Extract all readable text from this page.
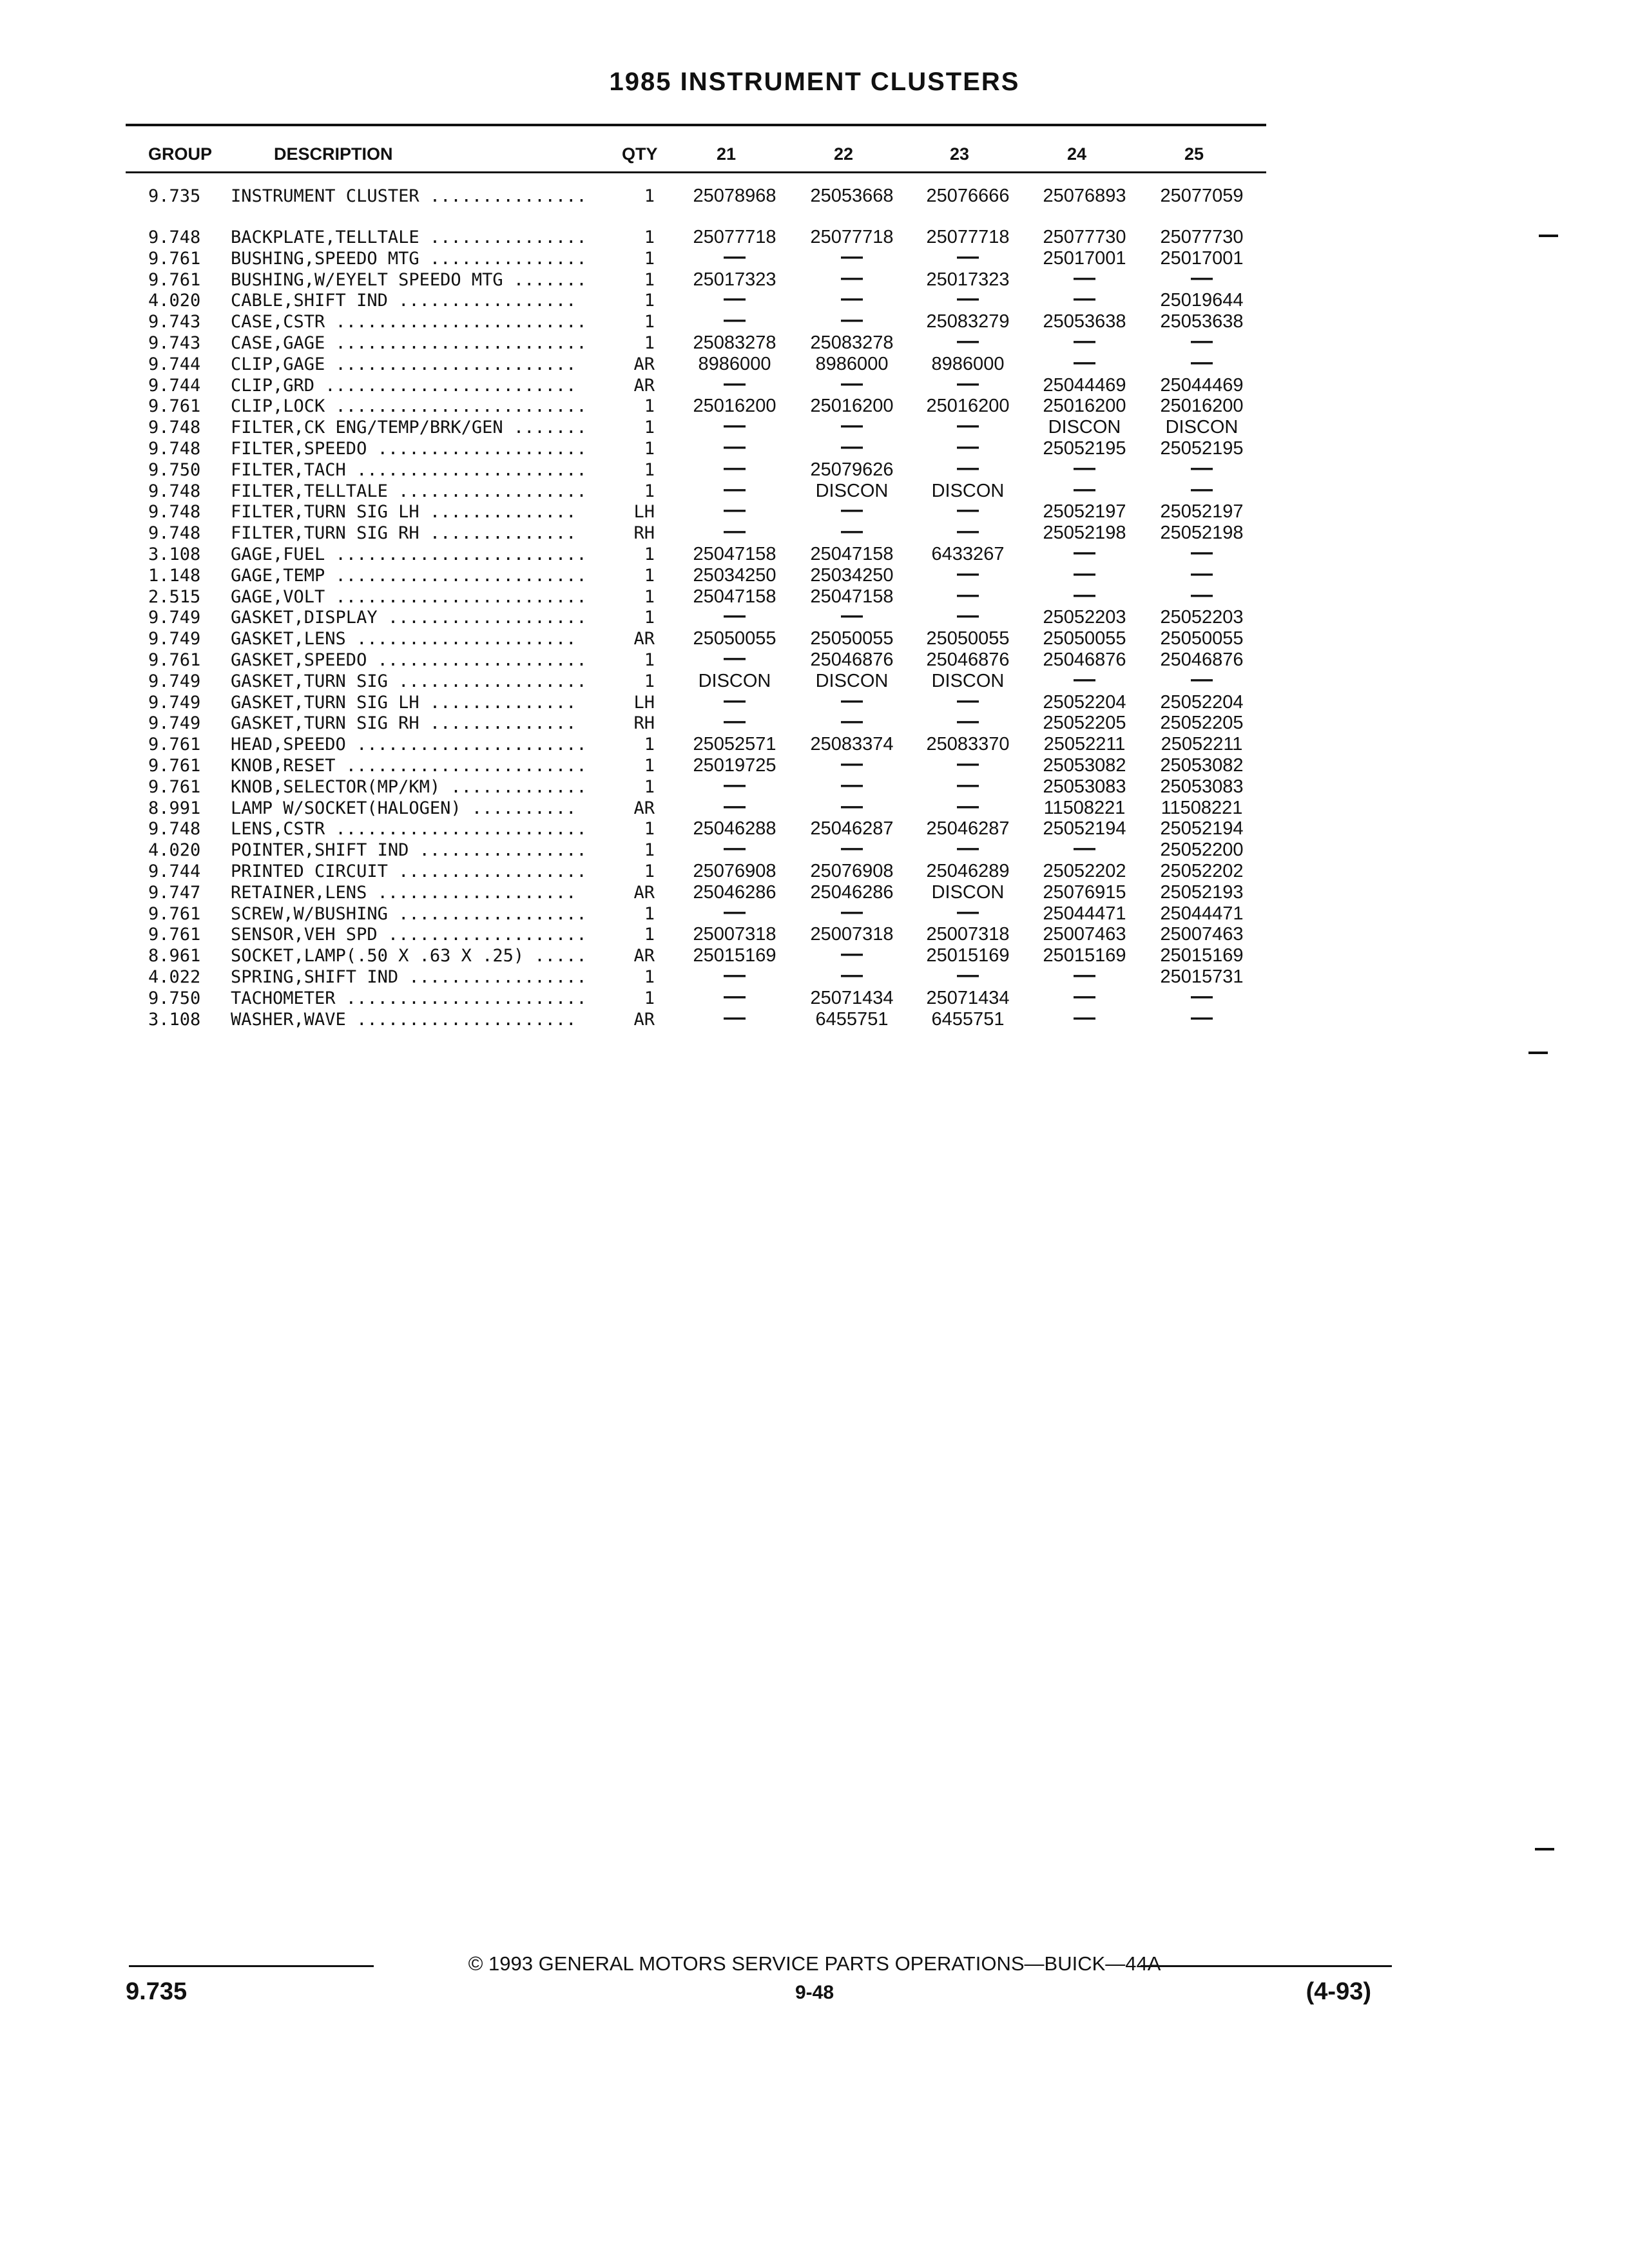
1985 INSTRUMENT CLUSTERS
GROUP	DESCRIPTION	QTY	21	22	23	24	25
9.735 INSTRUMENT CLUSTER ...............	1	25078968	25053668	25076666	25076893	25077059
9.748 BACKPLATE,TELLTALE ...............	1	25077718	25077718	25077718	25077730	25077730
9.761 BUSHING,SPEEDO MTG ...............	1	—	—	—	25017001	25017001
9.761 BUSHING,W/EYELT SPEEDO MTG .......	1	25017323	—	25017323	—	—
4.020 CABLE,SHIFT IND .................	1	—	—	—	—	25019644
9.743 CASE,CSTR ........................	1	—	—	25083279	25053638	25053638
9.743 CASE,GAGE ........................	1	25083278	25083278	—	—	—
9.744 CLIP,GAGE .......................	AR	8986000	8986000	8986000	—	—
9.744 CLIP,GRD ........................	AR	—	—	—	25044469	25044469
9.761 CLIP,LOCK ........................	1	25016200	25016200	25016200	25016200	25016200
9.748 FILTER,CK ENG/TEMP/BRK/GEN .......	1	—	—	—	DISCON	DISCON
9.748 FILTER,SPEEDO ....................	1	—	—	—	25052195	25052195
9.750 FILTER,TACH ......................	1	—	25079626	—	—	—
9.748 FILTER,TELLTALE ..................	1	—	DISCON	DISCON	—	—
9.748 FILTER,TURN SIG LH ..............	LH	—	—	—	25052197	25052197
9.748 FILTER,TURN SIG RH ..............	RH	—	—	—	25052198	25052198
3.108 GAGE,FUEL ........................	1	25047158	25047158	6433267	—	—
1.148 GAGE,TEMP ........................	1	25034250	25034250	—	—	—
2.515 GAGE,VOLT ........................	1	25047158	25047158	—	—	—
9.749 GASKET,DISPLAY ...................	1	—	—	—	25052203	25052203
9.749 GASKET,LENS .....................	AR	25050055	25050055	25050055	25050055	25050055
9.761 GASKET,SPEEDO ....................	1	—	25046876	25046876	25046876	25046876
9.749 GASKET,TURN SIG ..................	1	DISCON	DISCON	DISCON	—	—
9.749 GASKET,TURN SIG LH ..............	LH	—	—	—	25052204	25052204
9.749 GASKET,TURN SIG RH ..............	RH	—	—	—	25052205	25052205
9.761 HEAD,SPEEDO ......................	1	25052571	25083374	25083370	25052211	25052211
9.761 KNOB,RESET .......................	1	25019725	—	—	25053082	25053082
9.761 KNOB,SELECTOR(MP/KM) .............	1	—	—	—	25053083	25053083
8.991 LAMP W/SOCKET(HALOGEN) ..........	AR	—	—	—	11508221	11508221
9.748 LENS,CSTR ........................	1	25046288	25046287	25046287	25052194	25052194
4.020 POINTER,SHIFT IND ................	1	—	—	—	—	25052200
9.744 PRINTED CIRCUIT ..................	1	25076908	25076908	25046289	25052202	25052202
9.747 RETAINER,LENS ...................	AR	25046286	25046286	DISCON	25076915	25052193
9.761 SCREW,W/BUSHING ..................	1	—	—	—	25044471	25044471
9.761 SENSOR,VEH SPD ...................	1	25007318	25007318	25007318	25007463	25007463
8.961 SOCKET,LAMP(.50 X .63 X .25) .....	AR	25015169	—	25015169	25015169	25015169
4.022 SPRING,SHIFT IND .................	1	—	—	—	—	25015731
9.750 TACHOMETER .......................	1	—	25071434	25071434	—	—
3.108 WASHER,WAVE .....................	AR	—	6455751	6455751	—	—
© 1993 GENERAL MOTORS SERVICE PARTS OPERATIONS—BUICK—44A
9.735	9-48	(4-93)
